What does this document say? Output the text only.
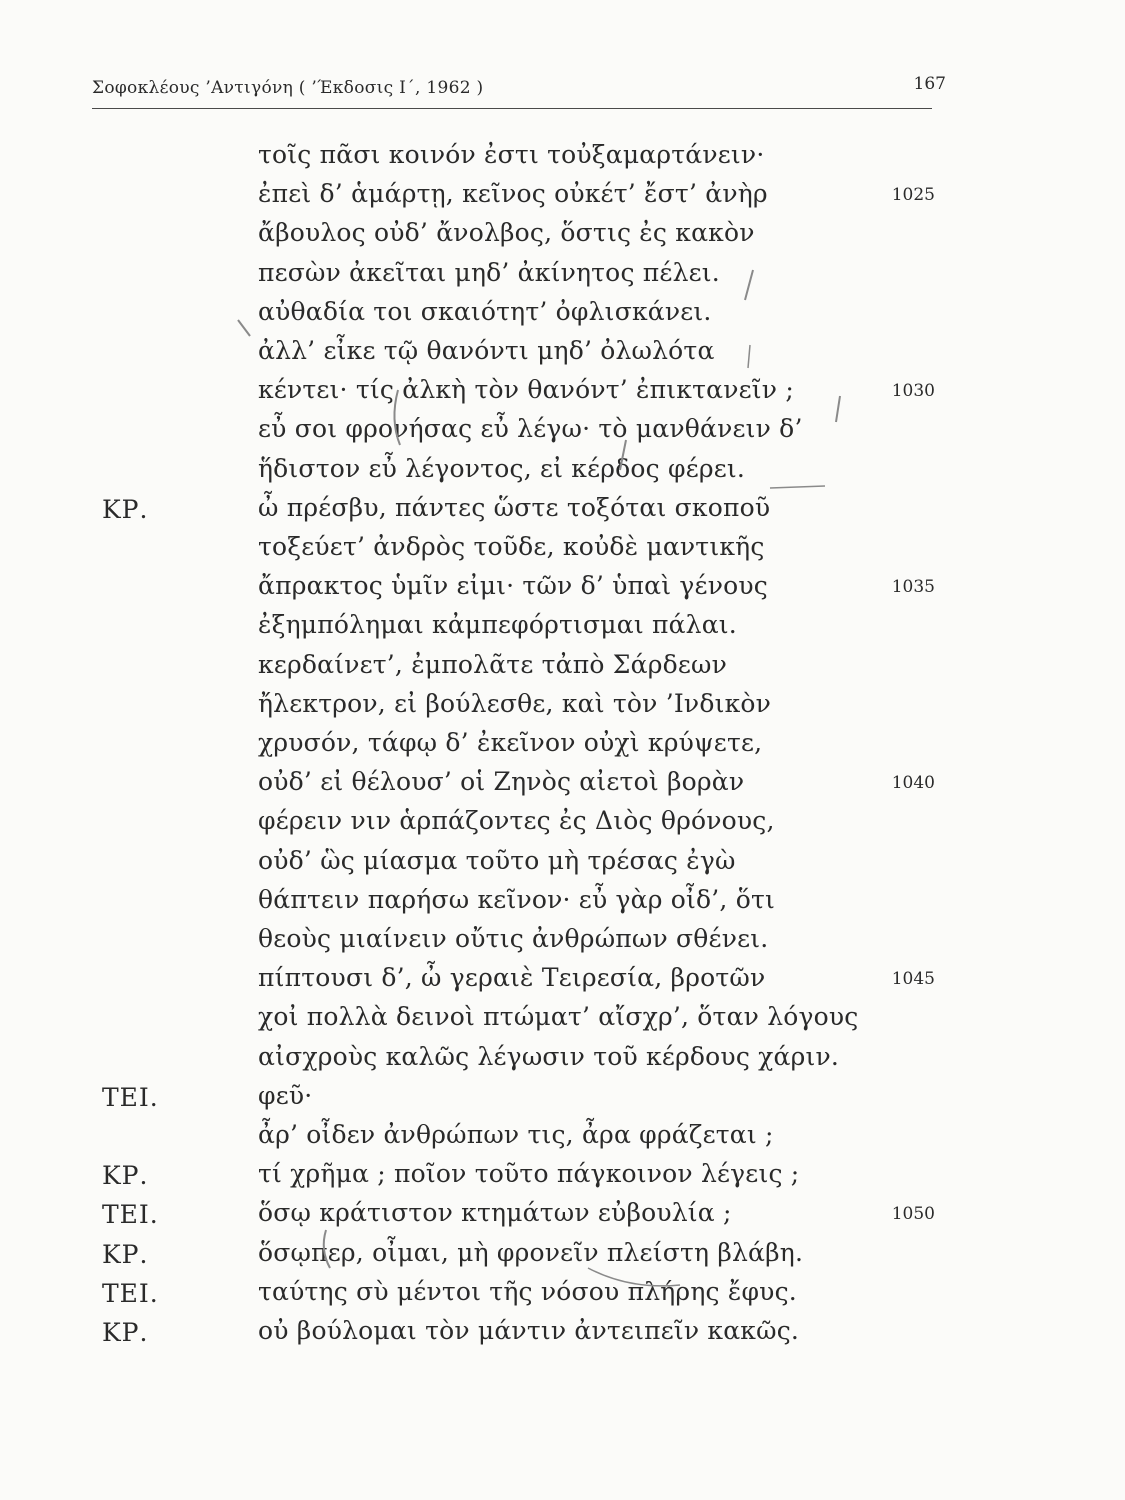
Σοφοκλέους ’Αντιγόνη ( ’Έκδοσις Ι΄, 1962 )	167
τοῖς πᾶσι κοινόν ἐστι τοὐξαμαρτάνειν·
ἐπεὶ δ’ ἁμάρτῃ, κεῖνος οὐκέτ’ ἔστ’ ἀνὴρ	1025
ἄβουλος οὐδ’ ἄνολβος, ὅστις ἐς κακὸν
πεσὼν ἀκεῖται μηδ’ ἀκίνητος πέλει.
αὐθαδία τοι σκαιότητ’ ὀφλισκάνει.
ἀλλ’ εἶκε τῷ θανόντι μηδ’ ὀλωλότα
κέντει· τίς ἀλκὴ τὸν θανόντ’ ἐπικτανεῖν ;	1030
εὖ σοι φρονήσας εὖ λέγω· τὸ μανθάνειν δ’
ἥδιστον εὖ λέγοντος, εἰ κέρδος φέρει.
ΚΡ.	ὦ πρέσβυ, πάντες ὥστε τοξόται σκοποῦ
τοξεύετ’ ἀνδρὸς τοῦδε, κοὐδὲ μαντικῆς
ἄπρακτος ὑμῖν εἰμι· τῶν δ’ ὑπαὶ γένους	1035
ἐξημπόλημαι κἀμπεφόρτισμαι πάλαι.
κερδαίνετ’, ἐμπολᾶτε τἀπὸ Σάρδεων
ἤλεκτρον, εἰ βούλεσθε, καὶ τὸν ’Ινδικὸν
χρυσόν, τάφῳ δ’ ἐκεῖνον οὐχὶ κρύψετε,
οὐδ’ εἰ θέλουσ’ οἱ Ζηνὸς αἰετοὶ βορὰν	1040
φέρειν νιν ἁρπάζοντες ἐς Διὸς θρόνους,
οὐδ’ ὣς μίασμα τοῦτο μὴ τρέσας ἐγὼ
θάπτειν παρήσω κεῖνον· εὖ γὰρ οἶδ’, ὅτι
θεοὺς μιαίνειν οὔτις ἀνθρώπων σθένει.
πίπτουσι δ’, ὦ γεραιὲ Τειρεσία, βροτῶν	1045
χοἰ πολλὰ δεινοὶ πτώματ’ αἴσχρ’, ὅταν λόγους
αἰσχροὺς καλῶς λέγωσιν τοῦ κέρδους χάριν.
ΤΕΙ.	φεῦ·
ἆρ’ οἶδεν ἀνθρώπων τις, ἆρα φράζεται ;
ΚΡ.	τί χρῆμα ; ποῖον τοῦτο πάγκοινον λέγεις ;
ΤΕΙ.	ὅσῳ κράτιστον κτημάτων εὐβουλία ;	1050
ΚΡ.	ὅσῳπερ, οἶμαι, μὴ φρονεῖν πλείστη βλάβη.
ΤΕΙ.	ταύτης σὺ μέντοι τῆς νόσου πλήρης ἔφυς.
ΚΡ.	οὐ βούλομαι τὸν μάντιν ἀντειπεῖν κακῶς.
